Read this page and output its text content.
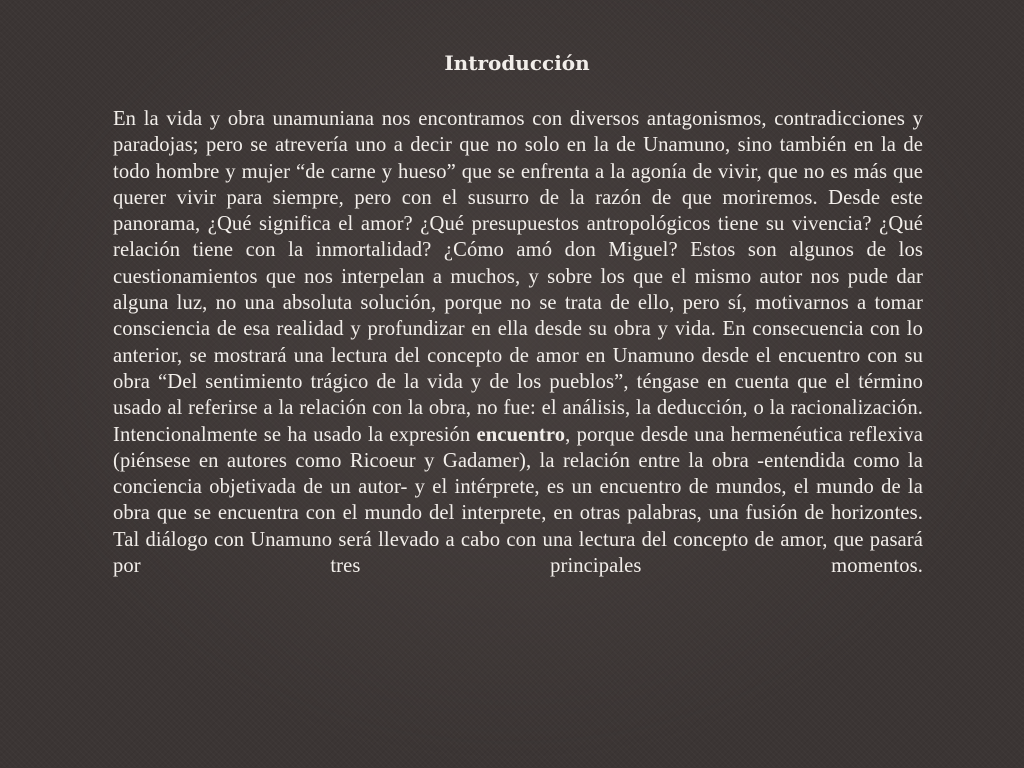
Introducción

En la vida y obra unamuniana nos encontramos con diversos antagonismos, contradicciones y paradojas; pero se atrevería uno a decir que no solo en la de Unamuno, sino también en la de todo hombre y mujer “de carne y hueso” que se enfrenta a la agonía de vivir, que no es más que querer vivir para siempre, pero con el susurro de la razón de que moriremos. Desde este panorama, ¿Qué significa el amor? ¿Qué presupuestos antropológicos tiene su vivencia? ¿Qué relación tiene con la inmortalidad? ¿Cómo amó don Miguel? Estos son algunos de los cuestionamientos que nos interpelan a muchos, y sobre los que el mismo autor nos pude dar alguna luz, no una absoluta solución, porque no se trata de ello, pero sí, motivarnos a tomar consciencia de esa realidad y profundizar en ella desde su obra y vida. En consecuencia con lo anterior, se mostrará una lectura del concepto de amor en Unamuno desde el encuentro con su obra “Del sentimiento trágico de la vida y de los pueblos”, téngase en cuenta que el término usado al referirse a la relación con la obra, no fue: el análisis, la deducción, o la racionalización. Intencionalmente se ha usado la expresión encuentro, porque desde una hermenéutica reflexiva (piénsese en autores como Ricoeur y Gadamer), la relación entre la obra -entendida como la conciencia objetivada de un autor- y el intérprete, es un encuentro de mundos, el mundo de la obra que se encuentra con el mundo del interprete, en otras palabras, una fusión de horizontes. Tal diálogo con Unamuno será llevado a cabo con una lectura del concepto de amor, que pasará por tres principales momentos.
